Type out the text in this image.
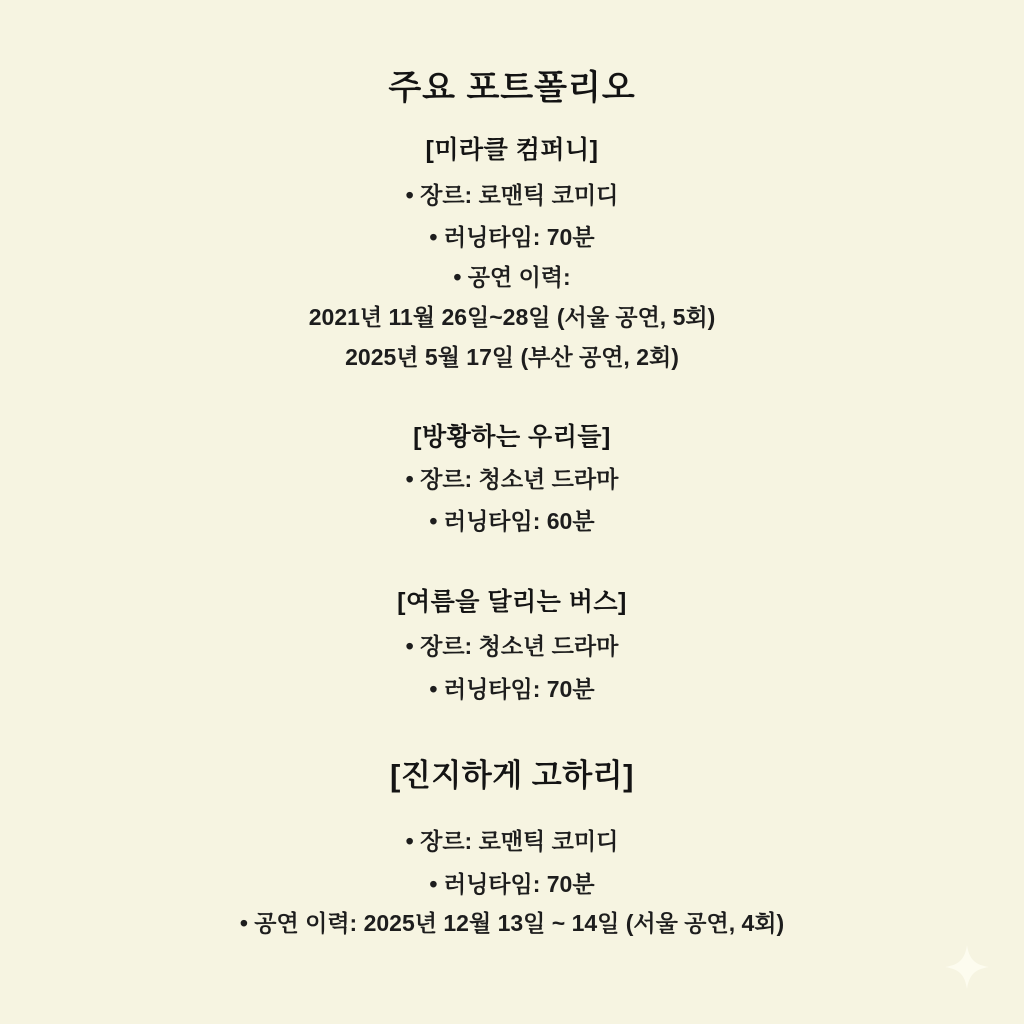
주요 포트폴리오
[미라클 컴퍼니]
• 장르: 로맨틱 코미디
• 러닝타임: 70분
• 공연 이력:
2021년 11월 26일~28일 (서울 공연, 5회)
2025년 5월 17일 (부산 공연, 2회)
[방황하는 우리들]
• 장르: 청소년 드라마
• 러닝타임: 60분
[여름을 달리는 버스]
• 장르: 청소년 드라마
• 러닝타임: 70분
[진지하게 고하리]
• 장르: 로맨틱 코미디
• 러닝타임: 70분
• 공연 이력: 2025년 12월 13일 ~ 14일 (서울 공연, 4회)
